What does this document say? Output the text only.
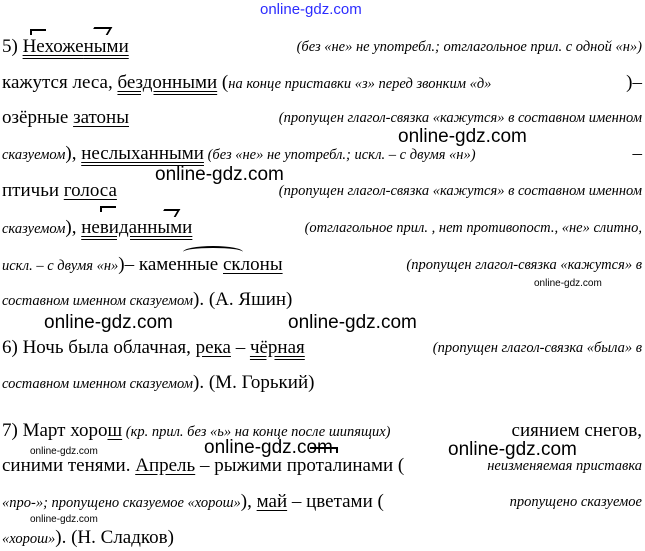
5) Нехожеными	(без «не» не употребл.; отглагольное прил. с одной «н»)
кажутся леса, бездонными (на конце приставки «з» перед звонким «д»	)–
озёрные затоны	(пропущен глагол-связка «кажутся» в составном именном
сказуемом), неслыханными (без «не» не употребл.; искл. – с двумя «н»)	–
птичьи голоса	(пропущен глагол-связка «кажутся» в составном именном
сказуемом), невиданными	(отглагольное прил. , нет противопост., «не» слитно,
искл. – с двумя «н»)– каменные склоны	(пропущен глагол-связка «кажутся» в
составном именном сказуемом). (А. Яшин)
6) Ночь была облачная, река – чёрная	(пропущен глагол-связка «была» в
составном именном сказуемом). (М. Горький)
7) Март хорош (кр. прил. без «ь» на конце после шипящих)	сиянием снегов,
синими тенями. Апрель – рыжими проталинами (	неизменяемая приставка
«про-»; пропущено сказуемое «хорош»), май – цветами (	пропущено сказуемое
«хорош»). (Н. Сладков)
online-gdz.com
online-gdz.com
online-gdz.com
online-gdz.com
online-gdz.com	online-gdz.com
online-gdz.com	online-gdz.com
online-gdz.com
online-gdz.com
